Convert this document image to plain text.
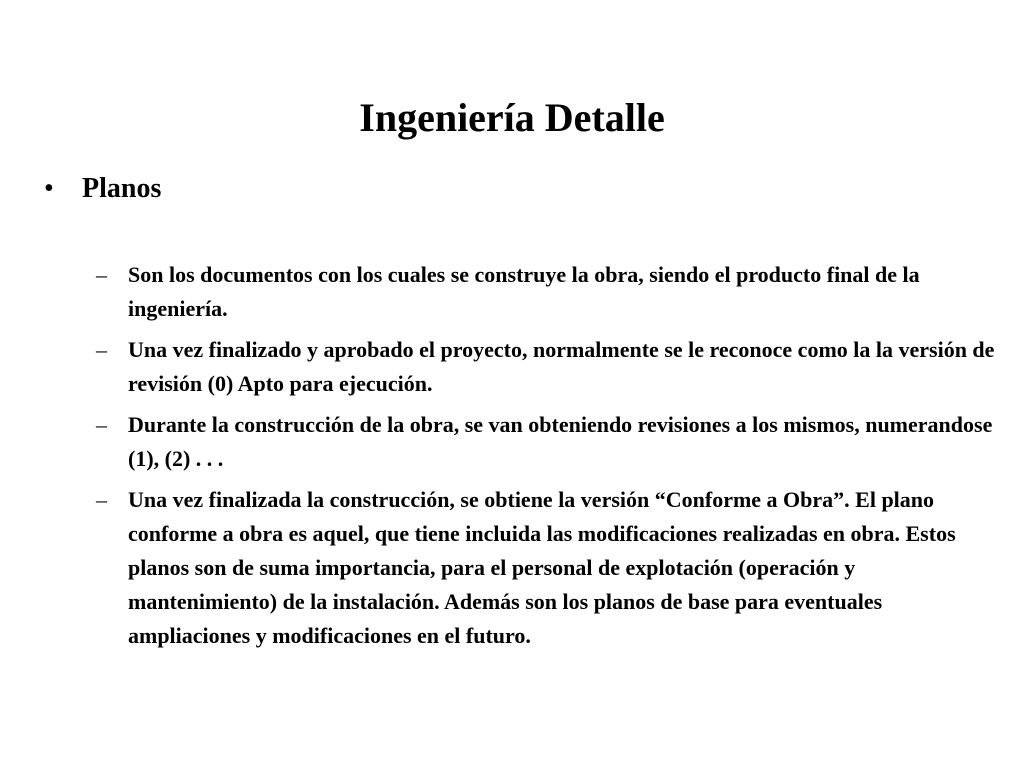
Ingeniería Detalle
• Planos
– Son los documentos con los cuales se construye la obra, siendo el producto final de la ingeniería.
– Una vez finalizado y aprobado el proyecto, normalmente se le reconoce como la la versión de revisión (0) Apto para ejecución.
– Durante la construcción de la obra, se van obteniendo revisiones a los mismos, numerandose (1), (2) . . .
– Una vez finalizada la construcción, se obtiene la versión “Conforme a Obra”. El plano conforme a obra es aquel, que tiene incluida las modificaciones realizadas en obra. Estos planos son de suma importancia, para el personal de explotación (operación y mantenimiento) de la instalación. Además son los planos de base para eventuales ampliaciones y modificaciones en el futuro.
